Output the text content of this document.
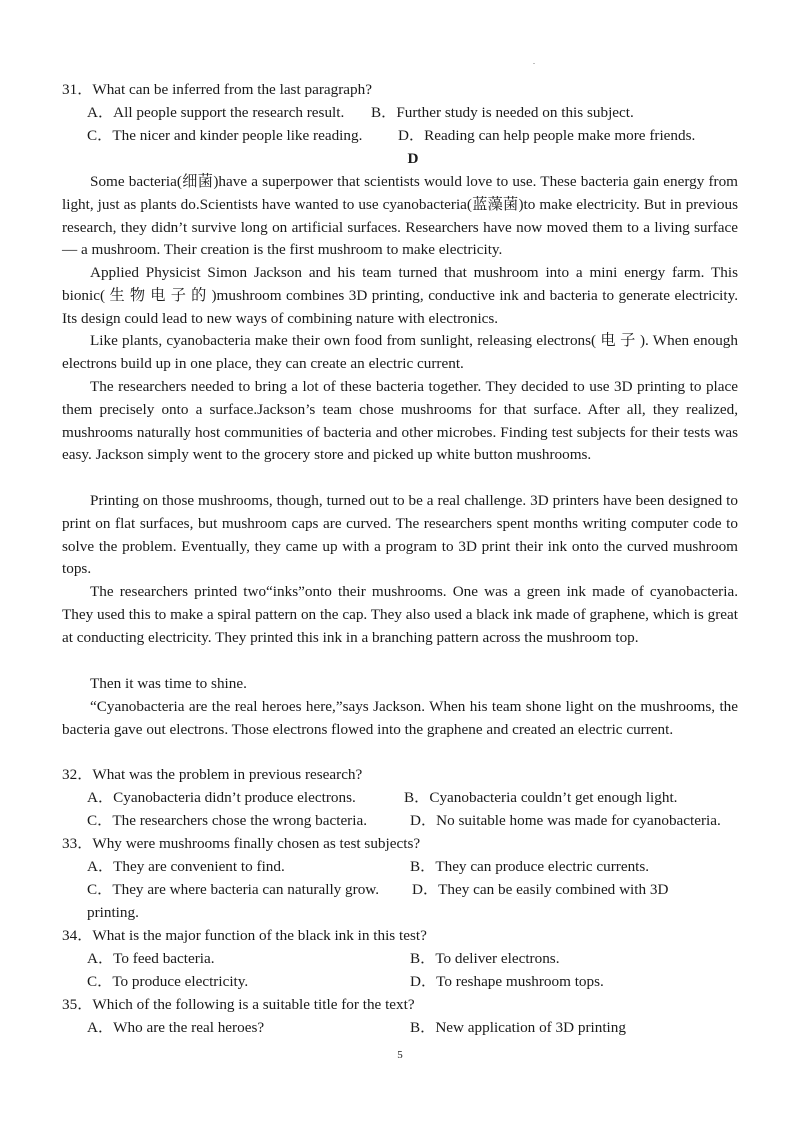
.
31．What can be inferred from the last paragraph?
A．All people support the research result. B．Further study is needed on this subject.
C．The nicer and kinder people like reading. D．Reading can help people make more friends.
D
Some bacteria(细菌)have a superpower that scientists would love to use. These bacteria gain energy from light, just as plants do.Scientists have wanted to use cyanobacteria(蓝藻菌)to make electricity. But in previous research, they didn’t survive long on artificial surfaces. Researchers have now moved them to a living surface — a mushroom. Their creation is the first mushroom to make electricity.
Applied Physicist Simon Jackson and his team turned that mushroom into a mini energy farm. This bionic( 生 物 电 子 的 )mushroom combines 3D printing, conductive ink and bacteria to generate electricity. Its design could lead to new ways of combining nature with electronics.
Like plants, cyanobacteria make their own food from sunlight, releasing electrons( 电 子 ). When enough electrons build up in one place, they can create an electric current.
The researchers needed to bring a lot of these bacteria together. They decided to use 3D printing to place them precisely onto a surface.Jackson’s team chose mushrooms for that surface. After all, they realized, mushrooms naturally host communities of bacteria and other microbes. Finding test subjects for their tests was easy. Jackson simply went to the grocery store and picked up white button mushrooms.
Printing on those mushrooms, though, turned out to be a real challenge. 3D printers have been designed to print on flat surfaces, but mushroom caps are curved. The researchers spent months writing computer code to solve the problem. Eventually, they came up with a program to 3D print their ink onto the curved mushroom tops.
The researchers printed two“inks”onto their mushrooms. One was a green ink made of cyanobacteria. They used this to make a spiral pattern on the cap. They also used a black ink made of graphene, which is great at conducting electricity. They printed this ink in a branching pattern across the mushroom top.
Then it was time to shine.
“Cyanobacteria are the real heroes here,”says Jackson. When his team shone light on the mushrooms, the bacteria gave out electrons. Those electrons flowed into the graphene and created an electric current.
32．What was the problem in previous research?
A．Cyanobacteria didn’t produce electrons.	B．Cyanobacteria couldn’t get enough light.
C．The researchers chose the wrong bacteria.	D．No suitable home was made for cyanobacteria.
33．Why were mushrooms finally chosen as test subjects?
A．They are convenient to find.	B．They can produce electric currents.
C．They are where bacteria can naturally grow. D．They can be easily combined with 3D
printing.
34．What is the major function of the black ink in this test?
A．To feed bacteria.	B．To deliver electrons.
C．To produce electricity.	D．To reshape mushroom tops.
35．Which of the following is a suitable title for the text?
A．Who are the real heroes?	B．New application of 3D printing
5
